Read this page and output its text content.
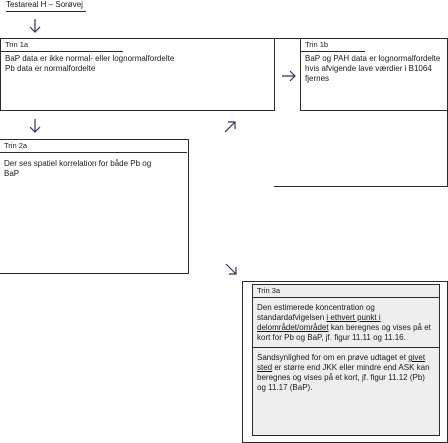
Testareal H – Sorøvej
Trin 1a
BaP data er ikke normal- eller lognormalfordelte
Pb data er normalfordelte
Trin 1b
BaP og PAH data er lognormalfordelte hvis afvigende lave værdier i B1064 fjernes
Trin 2a
Der ses spatiel korrelation for både Pb og BaP
Trin 3a
Den estimerede koncentration og standardafvigelsen i ethvert punkt i delområdet/området kan beregnes og vises på et kort for Pb og BaP, jf. figur 11.11 og 11.16.
Sandsynlighed for om en prøve udtaget et givet sted er større end JKK eller mindre end ASK kan beregnes og vises på et kort, jf. figur 11.12 (Pb) og 11.17 (BaP).
